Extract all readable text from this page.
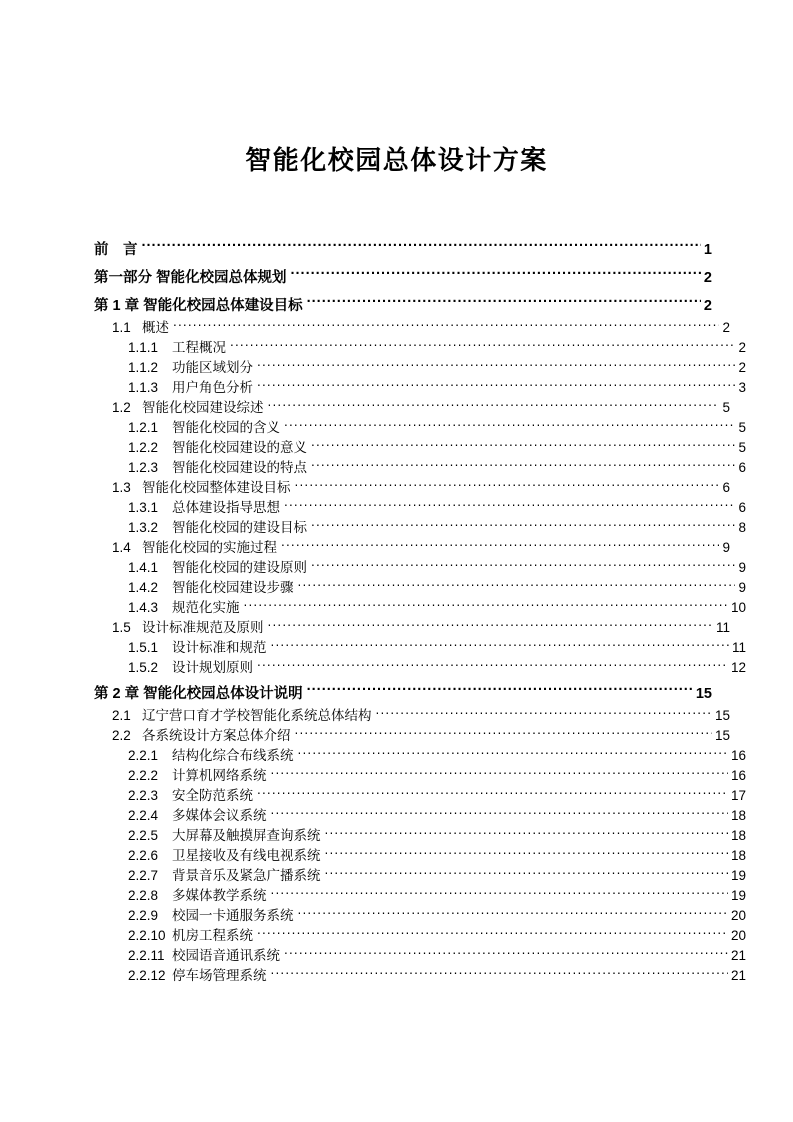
智能化校园总体设计方案
前　言 .....	1
第一部分 智能化校园总体规划 .....	2
第 1 章 智能化校园总体建设目标 .....	2
1.1 概述 .....	2
1.1.1 工程概况 .....	2
1.1.2 功能区域划分 .....	2
1.1.3 用户角色分析 .....	3
1.2 智能化校园建设综述 .....	5
1.2.1 智能化校园的含义 .....	5
1.2.2 智能化校园建设的意义 .....	5
1.2.3 智能化校园建设的特点 .....	6
1.3 智能化校园整体建设目标 .....	6
1.3.1 总体建设指导思想 .....	6
1.3.2 智能化校园的建设目标 .....	8
1.4 智能化校园的实施过程 .....	9
1.4.1 智能化校园的建设原则 .....	9
1.4.2 智能化校园建设步骤 .....	9
1.4.3 规范化实施 .....	10
1.5 设计标准规范及原则 .....	11
1.5.1 设计标准和规范 .....	11
1.5.2 设计规划原则 .....	12
第 2 章 智能化校园总体设计说明 .....	15
2.1 辽宁营口育才学校智能化系统总体结构 .....	15
2.2 各系统设计方案总体介绍 .....	15
2.2.1 结构化综合布线系统 .....	16
2.2.2 计算机网络系统 .....	16
2.2.3 安全防范系统 .....	17
2.2.4 多媒体会议系统 .....	18
2.2.5 大屏幕及触摸屏查询系统 .....	18
2.2.6 卫星接收及有线电视系统 .....	18
2.2.7 背景音乐及紧急广播系统 .....	19
2.2.8 多媒体教学系统 .....	19
2.2.9 校园一卡通服务系统 .....	20
2.2.10 机房工程系统 .....	20
2.2.11 校园语音通讯系统 .....	21
2.2.12 停车场管理系统 .....	21
